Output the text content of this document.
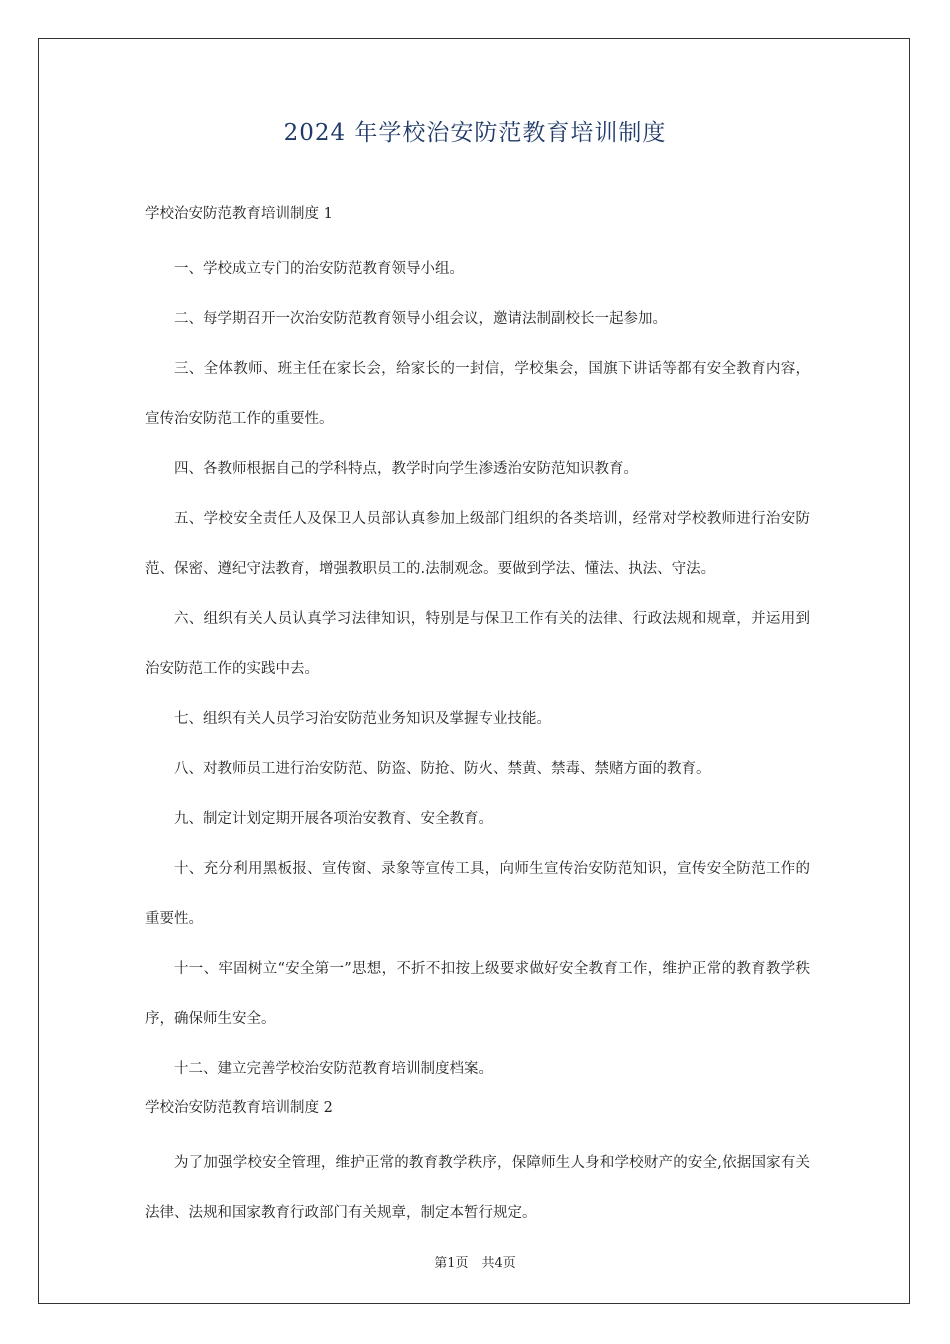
2024 年学校治安防范教育培训制度

学校治安防范教育培训制度 1

一、学校成立专门的治安防范教育领导小组。

二、每学期召开一次治安防范教育领导小组会议，邀请法制副校长一起参加。

三、全体教师、班主任在家长会，给家长的一封信，学校集会，国旗下讲话等都有安全教育内容，宣传治安防范工作的重要性。

四、各教师根据自己的学科特点，教学时向学生渗透治安防范知识教育。

五、学校安全责任人及保卫人员部认真参加上级部门组织的各类培训，经常对学校教师进行治安防范、保密、遵纪守法教育，增强教职员工的.法制观念。要做到学法、懂法、执法、守法。

六、组织有关人员认真学习法律知识，特别是与保卫工作有关的法律、行政法规和规章，并运用到治安防范工作的实践中去。

七、组织有关人员学习治安防范业务知识及掌握专业技能。

八、对教师员工进行治安防范、防盗、防抢、防火、禁黄、禁毒、禁赌方面的教育。

九、制定计划定期开展各项治安教育、安全教育。

十、充分利用黑板报、宣传窗、录象等宣传工具，向师生宣传治安防范知识，宣传安全防范工作的重要性。

十一、牢固树立“安全第一”思想，不折不扣按上级要求做好安全教育工作，维护正常的教育教学秩序，确保师生安全。

十二、建立完善学校治安防范教育培训制度档案。

学校治安防范教育培训制度 2

为了加强学校安全管理，维护正常的教育教学秩序，保障师生人身和学校财产的安全,依据国家有关法律、法规和国家教育行政部门有关规章，制定本暂行规定。

第1页　共4页
